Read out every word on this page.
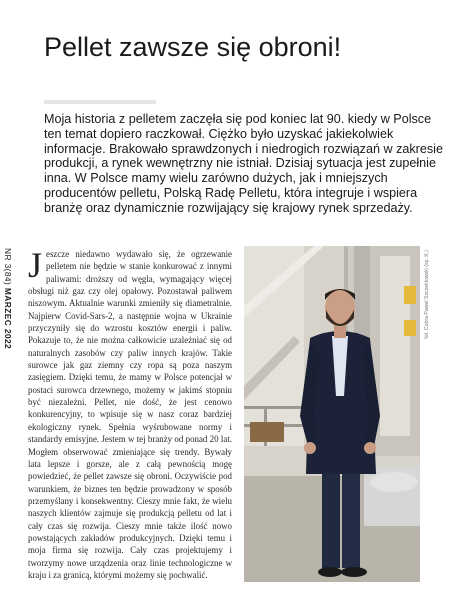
Pellet zawsze się obroni!

Moja historia z pelletem zaczęła się pod koniec lat 90. kiedy w Polsce ten temat dopiero raczkował. Ciężko było uzyskać jakiekolwiek informacje. Brakowało sprawdzonych i niedrogich rozwiązań w zakresie produkcji, a rynek wewnętrzny nie istniał. Dzisiaj sytuacja jest zupełnie inna. W Polsce mamy wielu zarówno dużych, jak i mniejszych producentów pelletu, Polską Radę Pelletu, która integruje i wspiera branżę oraz dynamicznie rozwijający się krajowy rynek sprzedaży.

NR 3(84) MARZEC 2022
Jeszcze niedawno wydawało się, że ogrzewanie pelletem nie będzie w stanie konkurować z innymi paliwami: droższy od węgla, wymagający więcej obsługi niż gaz czy olej opałowy. Pozostawał paliwem niszowym. Aktualnie warunki zmieniły się diametralnie. Najpierw Covid-Sars-2, a następnie wojna w Ukrainie przyczyniły się do wzrostu kosztów energii i paliw. Pokazuje to, że nie można całkowicie uzależniać się od naturalnych zasobów czy paliw innych krajów. Takie surowce jak gaz ziemny czy ropa są poza naszym zasięgiem. Dzięki temu, że mamy w Polsce potencjał w postaci surowca drzewnego, możemy w jakimś stopniu być niezależni. Pellet, nie dość, że jest cenowo konkurencyjny, to wpisuje się w nasz coraz bardziej ekologiczny rynek. Spełnia wyśrubowane normy i standardy emisyjne. Jestem w tej branży od ponad 20 lat. Mogłem obserwować zmieniające się trendy. Bywały lata lepsze i gorsze, ale z całą pewnością mogę powiedzieć, że pellet zawsze się obroni. Oczywiście pod warunkiem, że biznes ten będzie prowadzony w sposób przemyślany i konsekwentny. Cieszy mnie fakt, że wielu naszych klientów zajmuje się produkcją pelletu od lat i cały czas się rozwija. Cieszy mnie także ilość nowo powstających zakładów produkcyjnych. Dzięki temu i moja firma się rozwija. Cały czas projektujemy i tworzymy nowe urządzenia oraz linie technologiczne w kraju i za granicą, którymi możemy się pochwalić.
fot. Cobra Pawel Szczeklowski (sp. K.)
